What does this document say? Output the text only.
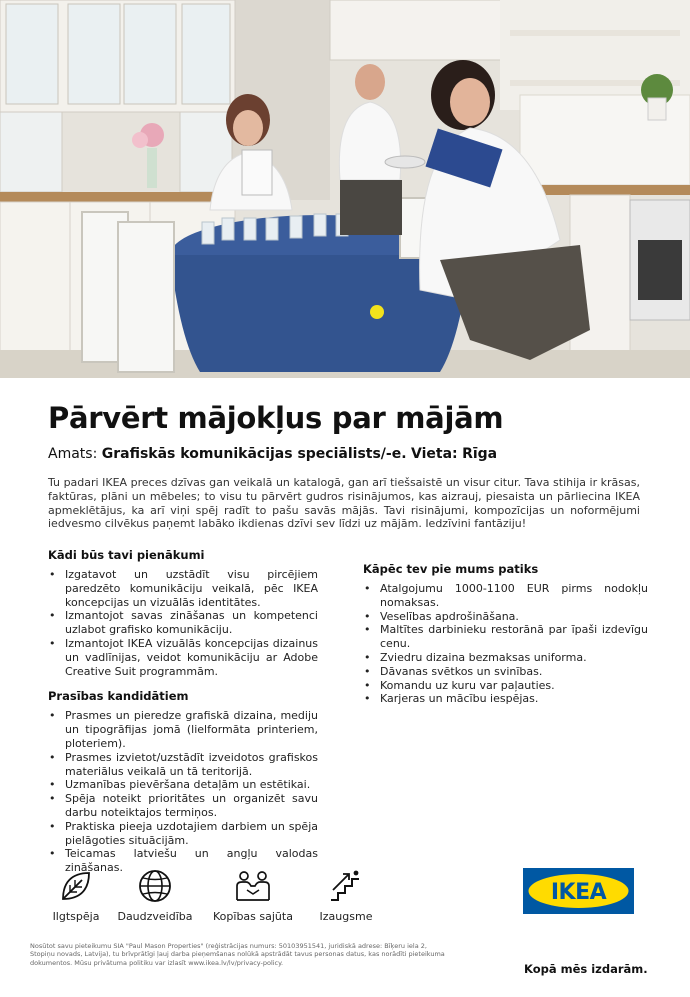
Pārvērt mājokļus par mājām
Amats: Grafiskās komunikācijas speciālists/-e. Vieta: Rīga

Tu padari IKEA preces dzīvas gan veikalā un katalogā, gan arī tiešsaistē un visur citur. Tava stihija ir krāsas, faktūras, plāni un mēbeles; to visu tu pārvērt gudros risinājumos, kas aizrauj, piesaista un pārliecina IKEA apmeklētājus, ka arī viņi spēj radīt to pašu savās mājās. Tavi risinājumi, kompozīcijas un noformējumi iedvesmo cilvēkus paņemt labāko ikdienas dzīvi sev līdzi uz mājām. Iedzīvini fantāziju!

Kādi būs tavi pienākumi
• Izgatavot un uzstādīt visu pircējiem paredzēto komunikāciju veikalā, pēc IKEA koncepcijas un vizuālās identitātes.
• Izmantojot savas zināšanas un kompetenci uzlabot grafisko komunikāciju.
• Izmantojot IKEA vizuālās koncepcijas dizainus un vadlīnijas, veidot komunikāciju ar Adobe Creative Suit programmām.
Prasības kandidātiem
• Prasmes un pieredze grafiskā dizaina, mediju un tipogrāfijas jomā (lielformāta printeriem, ploteriem).
• Prasmes izvietot/uzstādīt izveidotos grafiskos materiālus veikalā un tā teritorijā.
• Uzmanības pievēršana detaļām un estētikai.
• Spēja noteikt prioritātes un organizēt savu darbu noteiktajos termiņos.
• Praktiska pieeja uzdotajiem darbiem un spēja pielāgoties situācijām.
• Teicamas latviešu un angļu valodas zināšanas.
Kāpēc tev pie mums patiks
• Atalgojumu 1000-1100 EUR pirms nodokļu nomaksas.
• Veselības apdrošināšana.
• Maltītes darbinieku restorānā par īpaši izdevīgu cenu.
• Zviedru dizaina bezmaksas uniforma.
• Dāvanas svētkos un svinības.
• Komandu uz kuru var paļauties.
• Karjeras un mācību iespējas.
Ilgtspēja	Daudzveidība Kopības sajūta	Izaugsme
IKEA
Nosūtot savu pieteikumu SIA "Paul Mason Properties" (reģistrācijas numurs: 50103951541, juridiskā adrese: Bīķeru iela 2, Stopiņu novads, Latvija), tu brīvprātīgi ļauj darba pieņemšanas nolūkā apstrādāt tavus personas datus, kas norādīti pieteikuma dokumentos. Mūsu privātuma politiku var izlasīt www.ikea.lv/lv/privacy-policy.	Kopā mēs izdarām.
